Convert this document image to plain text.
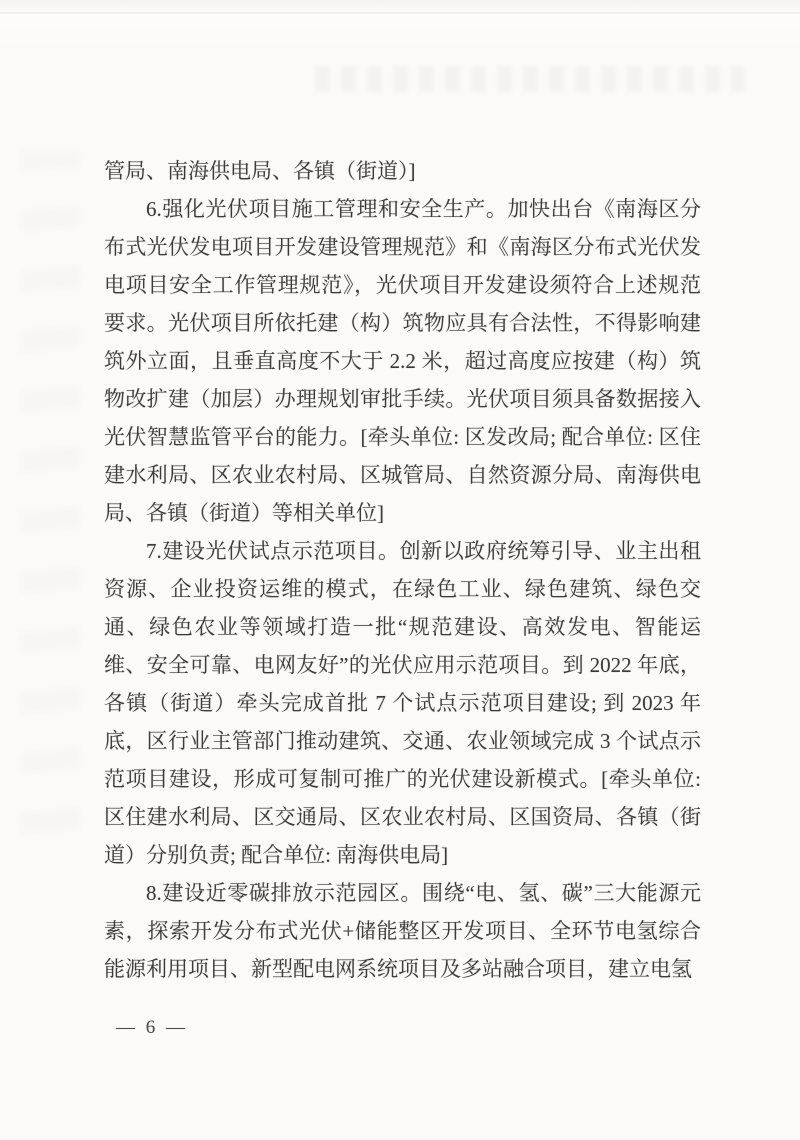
管局、南海供电局、各镇（街道）]

6.强化光伏项目施工管理和安全生产。加快出台《南海区分布式光伏发电项目开发建设管理规范》和《南海区分布式光伏发电项目安全工作管理规范》，光伏项目开发建设须符合上述规范要求。光伏项目所依托建（构）筑物应具有合法性，不得影响建筑外立面，且垂直高度不大于 2.2 米，超过高度应按建（构）筑物改扩建（加层）办理规划审批手续。光伏项目须具备数据接入光伏智慧监管平台的能力。[牵头单位: 区发改局; 配合单位: 区住建水利局、区农业农村局、区城管局、自然资源分局、南海供电局、各镇（街道）等相关单位]

7.建设光伏试点示范项目。创新以政府统筹引导、业主出租资源、企业投资运维的模式，在绿色工业、绿色建筑、绿色交通、绿色农业等领域打造一批“规范建设、高效发电、智能运维、安全可靠、电网友好”的光伏应用示范项目。到 2022 年底，各镇（街道）牵头完成首批 7 个试点示范项目建设; 到 2023 年底，区行业主管部门推动建筑、交通、农业领域完成 3 个试点示范项目建设，形成可复制可推广的光伏建设新模式。[牵头单位:区住建水利局、区交通局、区农业农村局、区国资局、各镇（街道）分别负责; 配合单位: 南海供电局]

8.建设近零碳排放示范园区。围绕“电、氢、碳”三大能源元素，探索开发分布式光伏+储能整区开发项目、全环节电氢综合能源利用项目、新型配电网系统项目及多站融合项目，建立电氢

— 6 —
